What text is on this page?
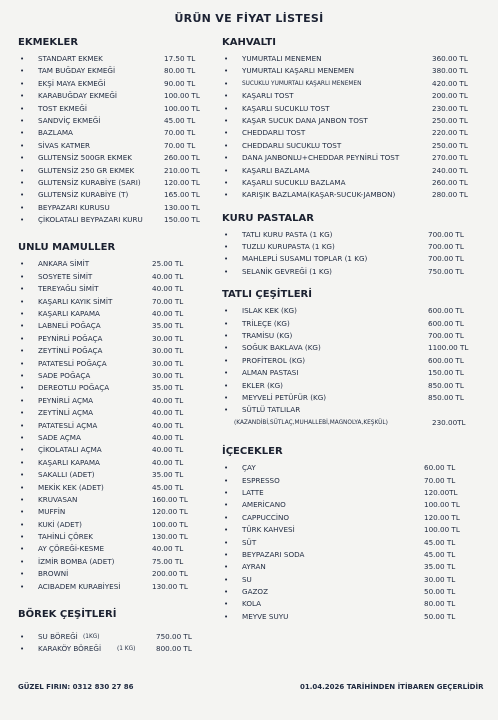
ÜRÜN VE FİYAT LİSTESİ
EKMEKLER
• STANDART EKMEK	17.50 TL
• TAM BUĞDAY EKMEĞİ	80.00 TL
• EKŞİ MAYA EKMEĞİ	90.00 TL
• KARABUĞDAY EKMEĞİ	100.00 TL
• TOST EKMEĞİ	100.00 TL
• SANDVİÇ EKMEĞİ	45.00 TL
• BAZLAMA	70.00 TL
• SİVAS KATMER	70.00 TL
• GLUTENSİZ 500GR EKMEK	260.00 TL
• GLUTENSİZ 250 GR EKMEK	210.00 TL
• GLUTENSİZ KURABİYE (SARI)	120.00 TL
• GLUTENSİZ KURABİYE (T)	165.00 TL
• BEYPAZARI KURUSU	130.00 TL
• ÇİKOLATALI BEYPAZARI KURU	150.00 TL
UNLU MAMULLER
• ANKARA SİMİT	25.00 TL
• SOSYETE SİMİT	40.00 TL
• TEREYAĞLI SİMİT	40.00 TL
• KAŞARLI KAYIK SİMİT	70.00 TL
• KAŞARLI KAPAMA	40.00 TL
• LABNELİ POĞAÇA	35.00 TL
• PEYNİRLİ POĞAÇA	30.00 TL
• ZEYTİNLİ POĞAÇA	30.00 TL
• PATATESLİ POĞAÇA	30.00 TL
• SADE POĞAÇA	30.00 TL
• DEREOTLU POĞAÇA	35.00 TL
• PEYNİRLİ AÇMA	40.00 TL
• ZEYTİNLİ AÇMA	40.00 TL
• PATATESLİ AÇMA	40.00 TL
• SADE AÇMA	40.00 TL
• ÇİKOLATALI AÇMA	40.00 TL
• KAŞARLI KAPAMA	40.00 TL
• SAKALLI (ADET)	35.00 TL
• MEKİK KEK (ADET)	45.00 TL
• KRUVASAN	160.00 TL
• MUFFİN	120.00 TL
• KUKİ (ADET)	100.00 TL
• TAHİNLİ ÇÖREK	130.00 TL
• AY ÇÖREĞİ-KESME	40.00 TL
• İZMİR BOMBA (ADET)	75.00 TL
• BROWNİ	200.00 TL
• ACIBADEM KURABİYESİ	130.00 TL
BÖREK ÇEŞİTLERİ
• SU BÖREĞİ (1KG)	750.00 TL
• KARAKÖY BÖREĞİ	(1 KG)	800.00 TL
KAHVALTI
• YUMURTALI MENEMEN	360.00 TL
• YUMURTALI KAŞARLI MENEMEN	380.00 TL
• SUCUKLU YUMURTALI KAŞARLI MENEMEN	420.00 TL
• KAŞARLI TOST	200.00 TL
• KAŞARLI SUCUKLU TOST	230.00 TL
• KAŞAR SUCUK DANA JANBON TOST	250.00 TL
• CHEDDARLI TOST	220.00 TL
• CHEDDARLI SUCUKLU TOST	250.00 TL
• DANA JANBONLU+CHEDDAR PEYNİRLİ TOST	270.00 TL
• KAŞARLI BAZLAMA	240.00 TL
• KAŞARLI SUCUKLU BAZLAMA	260.00 TL
• KARIŞIK BAZLAMA(KAŞAR-SUCUK-JAMBON)	280.00 TL
KURU PASTALAR
• TATLI KURU PASTA (1 KG)	700.00 TL
• TUZLU KURUPASTA (1 KG)	700.00 TL
• MAHLEPLİ SUSAMLI TOPLAR (1 KG)	700.00 TL
• SELANİK GEVREĞİ (1 KG)	750.00 TL
TATLI ÇEŞİTLERİ
• ISLAK KEK (KG)	600.00 TL
• TRİLEÇE (KG)	600.00 TL
• TRAMİSU (KG)	700.00 TL
• SOĞUK BAKLAVA (KG)	1100.00 TL
• PROFİTEROL (KG)	600.00 TL
• ALMAN PASTASI	150.00 TL
• EKLER (KG)	850.00 TL
• MEYVELİ PETÜFÜR (KG)	850.00 TL
• SÜTLÜ TATLILAR
(KAZANDİBİ,SÜTLAÇ,MUHALLEBİ,MAGNOLYA,KEŞKÜL)	230.00TL
İÇECEKLER
• ÇAY	60.00 TL
• ESPRESSO	70.00 TL
• LATTE	120.00TL
• AMERİCANO	100.00 TL
• CAPPUCCİNO	120.00 TL
• TÜRK KAHVESİ	100.00 TL
• SÜT	45.00 TL
• BEYPAZARI SODA	45.00 TL
• AYRAN	35.00 TL
• SU	30.00 TL
• GAZOZ	50.00 TL
• KOLA	80.00 TL
• MEYVE SUYU	50.00 TL
GÜZEL FIRIN: 0312 830 27 86	01.04.2026 TARİHİNDEN İTİBAREN GEÇERLİDİR
